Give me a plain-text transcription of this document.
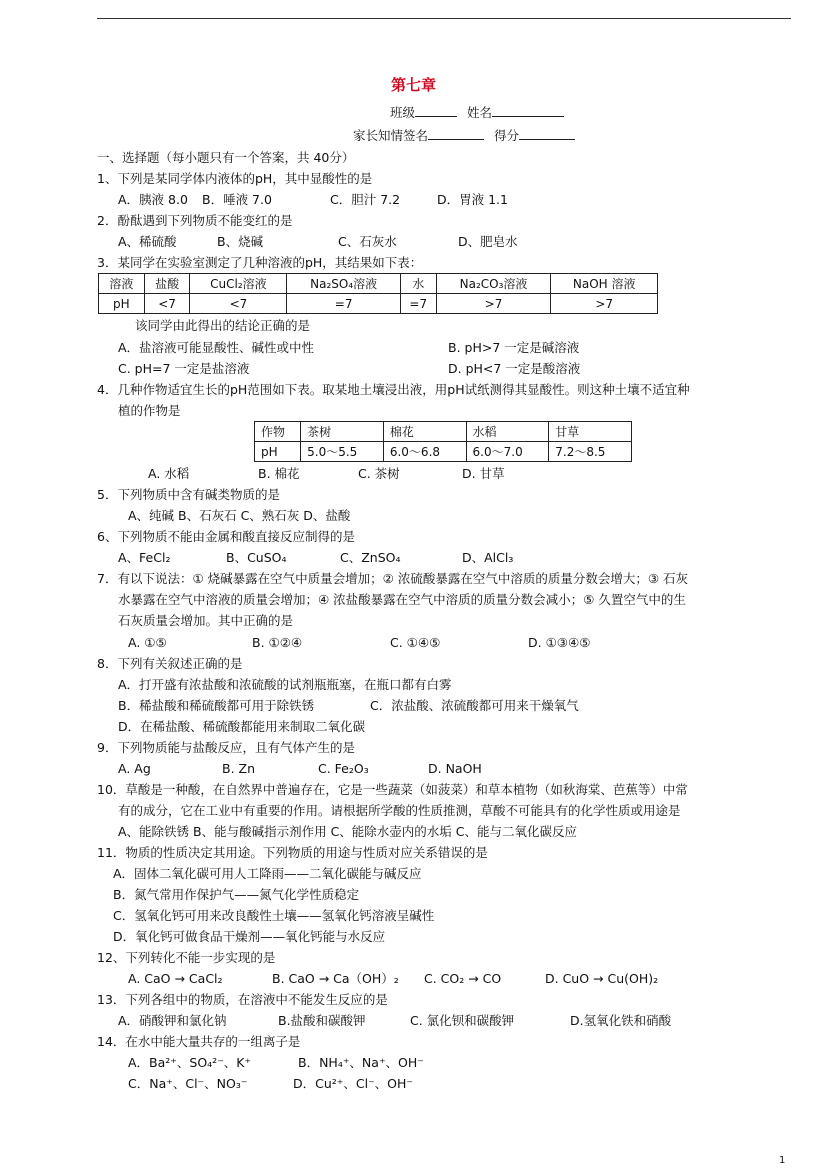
第七章
班级	姓名
家长知情签名	得分
一、选择题（每小题只有一个答案，共 40分）
1、下列是某同学体内液体的pH，其中显酸性的是
A．胰液 8.0 B．唾液 7.0	C．胆汁 7.2	D．胃液 1.1
2．酚酞遇到下列物质不能变红的是
A、稀硫酸	B、烧碱	C、石灰水	D、肥皂水
3．某同学在实验室测定了几种溶液的pH，其结果如下表：
溶液	盐酸	CuCl₂溶液	Na₂SO₄溶液	水	Na₂CO₃溶液	NaOH 溶液
pH	<7	<7	=7	=7	>7	>7
该同学由此得出的结论正确的是
A．盐溶液可能显酸性、碱性或中性	B. pH>7 一定是碱溶液
C. pH=7 一定是盐溶液	D. pH<7 一定是酸溶液
4．几种作物适宜生长的pH范围如下表。取某地土壤浸出液，用pH试纸测得其显酸性。则这种土壤不适宜种
植的作物是
作物	茶树	棉花	水稻	甘草
pH	5.0～5.5	6.0～6.8	6.0～7.0	7.2～8.5
A. 水稻	B. 棉花	C. 茶树	D. 甘草
5．下列物质中含有碱类物质的是
A、纯碱 B、石灰石 C、熟石灰 D、盐酸
6、下列物质不能由金属和酸直接反应制得的是
A、FeCl₂	B、CuSO₄	C、ZnSO₄	D、AlCl₃
7．有以下说法：① 烧碱暴露在空气中质量会增加；② 浓硫酸暴露在空气中溶质的质量分数会增大；③ 石灰
水暴露在空气中溶液的质量会增加；④ 浓盐酸暴露在空气中溶质的质量分数会减小；⑤ 久置空气中的生
石灰质量会增加。其中正确的是
A. ①⑤	B. ①②④	C. ①④⑤	D. ①③④⑤
8．下列有关叙述正确的是
A．打开盛有浓盐酸和浓硫酸的试剂瓶瓶塞，在瓶口都有白雾
B．稀盐酸和稀硫酸都可用于除铁锈	C．浓盐酸、浓硫酸都可用来干燥氧气
D．在稀盐酸、稀硫酸都能用来制取二氧化碳
9．下列物质能与盐酸反应，且有气体产生的是
A. Ag	B. Zn	C. Fe₂O₃	D. NaOH
10．草酸是一种酸，在自然界中普遍存在，它是一些蔬菜（如菠菜）和草本植物（如秋海棠、芭蕉等）中常
有的成分，它在工业中有重要的作用。请根据所学酸的性质推测，草酸不可能具有的化学性质或用途是
A、能除铁锈 B、能与酸碱指示剂作用 C、能除水壶内的水垢 C、能与二氧化碳反应
11．物质的性质决定其用途。下列物质的用途与性质对应关系错误的是
A．固体二氧化碳可用人工降雨——二氧化碳能与碱反应
B．氮气常用作保护气——氮气化学性质稳定
C．氢氧化钙可用来改良酸性土壤——氢氧化钙溶液呈碱性
D．氧化钙可做食品干燥剂——氧化钙能与水反应
12、下列转化不能一步实现的是
A. CaO → CaCl₂	B. CaO → Ca（OH）₂ C. CO₂ → CO	D. CuO → Cu(OH)₂
13．下列各组中的物质，在溶液中不能发生反应的是
A．硝酸钾和氯化钠	B.盐酸和碳酸钾	C. 氯化钡和碳酸钾	D.氢氧化铁和硝酸
14．在水中能大量共存的一组离子是
A．Ba²⁺、SO₄²⁻、K⁺	B．NH₄⁺、Na⁺、OH⁻
C．Na⁺、Cl⁻、NO₃⁻	D．Cu²⁺、Cl⁻、OH⁻
1
